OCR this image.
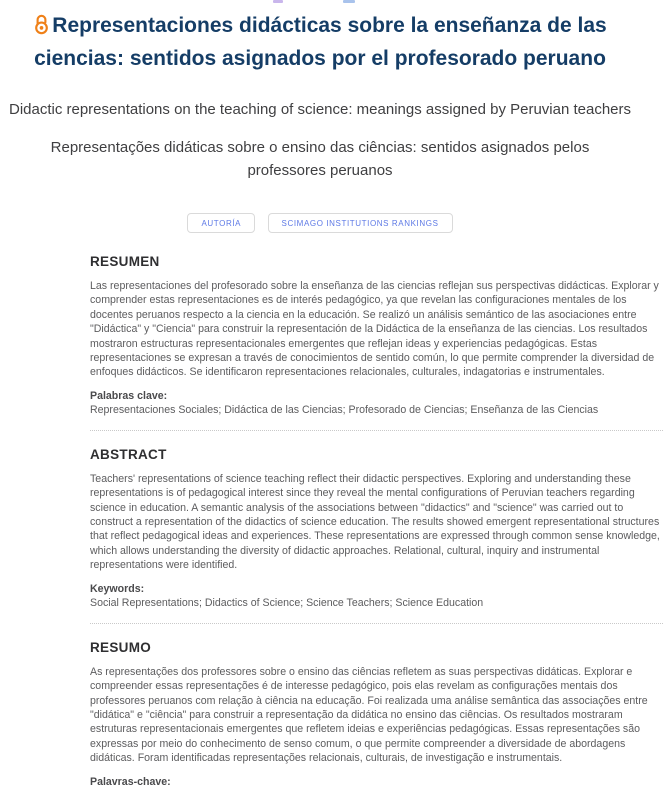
Representaciones didácticas sobre la enseñanza de las ciencias: sentidos asignados por el profesorado peruano
Didactic representations on the teaching of science: meanings assigned by Peruvian teachers
Representações didáticas sobre o ensino das ciências: sentidos asignados pelos professores peruanos
AUTORÍA	SCIMAGO INSTITUTIONS RANKINGS
RESUMEN

Las representaciones del profesorado sobre la enseñanza de las ciencias reflejan sus perspectivas didácticas. Explorar y comprender estas representaciones es de interés pedagógico, ya que revelan las configuraciones mentales de los docentes peruanos respecto a la ciencia en la educación. Se realizó un análisis semántico de las asociaciones entre "Didáctica" y "Ciencia" para construir la representación de la Didáctica de la enseñanza de las ciencias. Los resultados mostraron estructuras representacionales emergentes que reflejan ideas y experiencias pedagógicas. Estas representaciones se expresan a través de conocimientos de sentido común, lo que permite comprender la diversidad de enfoques didácticos. Se identificaron representaciones relacionales, culturales, indagatorias e instrumentales.

Palabras clave:
Representaciones Sociales; Didáctica de las Ciencias; Profesorado de Ciencias; Enseñanza de las Ciencias
ABSTRACT

Teachers' representations of science teaching reflect their didactic perspectives. Exploring and understanding these representations is of pedagogical interest since they reveal the mental configurations of Peruvian teachers regarding science in education. A semantic analysis of the associations between "didactics" and "science" was carried out to construct a representation of the didactics of science education. The results showed emergent representational structures that reflect pedagogical ideas and experiences. These representations are expressed through common sense knowledge, which allows understanding the diversity of didactic approaches. Relational, cultural, inquiry and instrumental representations were identified.

Keywords:
Social Representations; Didactics of Science; Science Teachers; Science Education
RESUMO

As representações dos professores sobre o ensino das ciências refletem as suas perspectivas didáticas. Explorar e compreender essas representações é de interesse pedagógico, pois elas revelam as configurações mentais dos professores peruanos com relação à ciência na educação. Foi realizada uma análise semântica das associações entre "didática" e "ciência" para construir a representação da didática no ensino das ciências. Os resultados mostraram estruturas representacionais emergentes que refletem ideias e experiências pedagógicas. Essas representações são expressas por meio do conhecimento de senso comum, o que permite compreender a diversidade de abordagens didáticas. Foram identificadas representações relacionais, culturais, de investigação e instrumentais.

Palavras-chave:
